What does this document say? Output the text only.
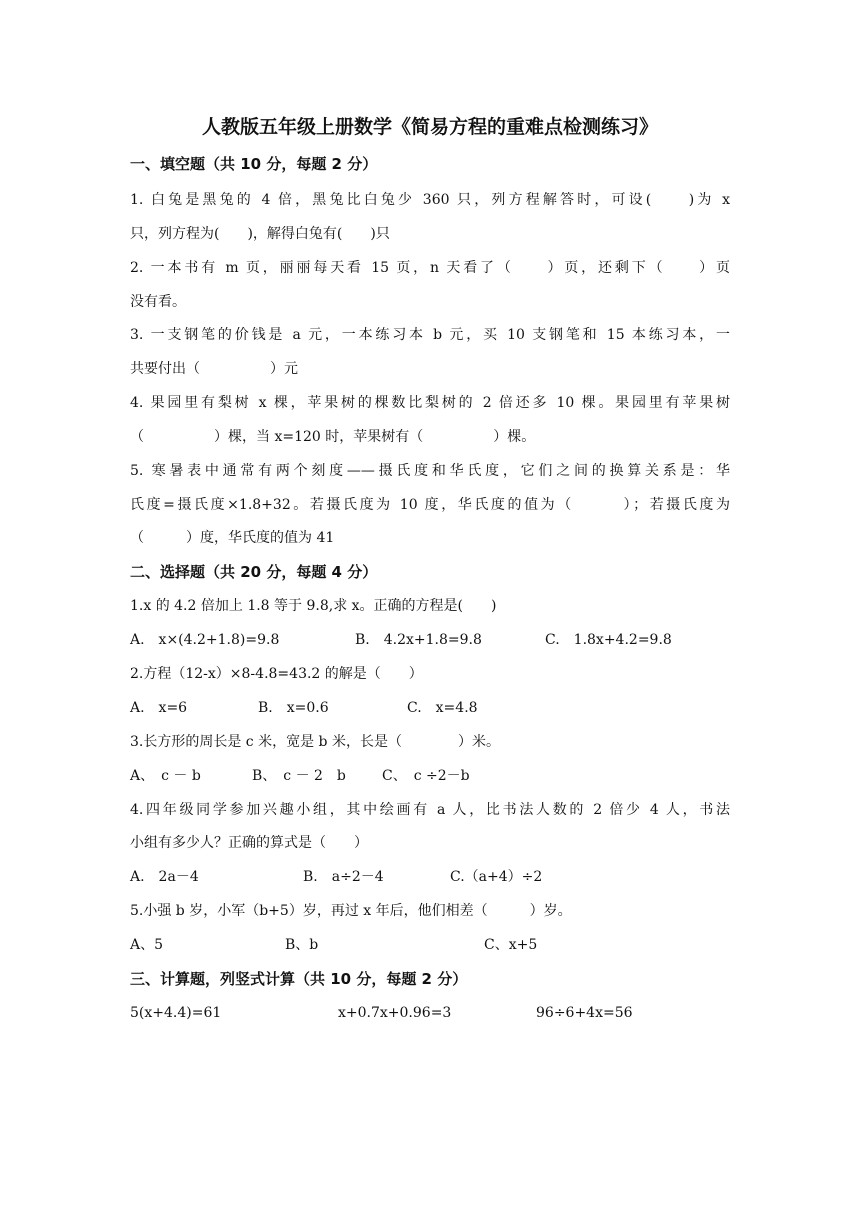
人教版五年级上册数学《简易方程的重难点检测练习》
一、填空题（共 10 分，每题 2 分）
1. 白兔是黑兔的 4 倍，黑兔比白兔少 360 只，列方程解答时，可设(　　)为 x
只，列方程为(　　)，解得白兔有(　　)只
2. 一本书有 m 页，丽丽每天看 15 页，n 天看了（　　）页，还剩下（　　）页
没有看。
3. 一支钢笔的价钱是 a 元，一本练习本 b 元，买 10 支钢笔和 15 本练习本，一
共要付出（　　　　　）元
4. 果园里有梨树 x 棵，苹果树的棵数比梨树的 2 倍还多 10 棵。果园里有苹果树
（　　　　　）棵，当 x=120 时，苹果树有（　　　　　）棵。
5. 寒暑表中通常有两个刻度——摄氏度和华氏度，它们之间的换算关系是：华
氏度=摄氏度×1.8+32。若摄氏度为 10 度，华氏度的值为（　　　）；若摄氏度为
（　　　）度，华氏度的值为 41
二、选择题（共 20 分，每题 4 分）
1.x 的 4.2 倍加上 1.8 等于 9.8,求 x。正确的方程是(　　)
A.　x×(4.2+1.8)=9.8	B.　4.2x+1.8=9.8	C.　1.8x+4.2=9.8
2.方程（12-x）×8-4.8=43.2 的解是（　　）
A.　x=6	B.　x=0.6	C.　x=4.8
3.长方形的周长是 c 米，宽是 b 米，长是（　　　　）米。
A、　c － b	B、　c － 2　b	C、　c ÷2－b
4.四年级同学参加兴趣小组，其中绘画有 a 人，比书法人数的 2 倍少 4 人，书法
小组有多少人？正确的算式是（　　）
A.　2a－4	B.　a÷2－4	C.（a+4）÷2
5.小强 b 岁，小军（b+5）岁，再过 x 年后，他们相差（　　　）岁。
A、5	B、b	C、x+5
三、计算题，列竖式计算（共 10 分，每题 2 分）
5(x+4.4)=61	x+0.7x+0.96=3	96÷6+4x=56
